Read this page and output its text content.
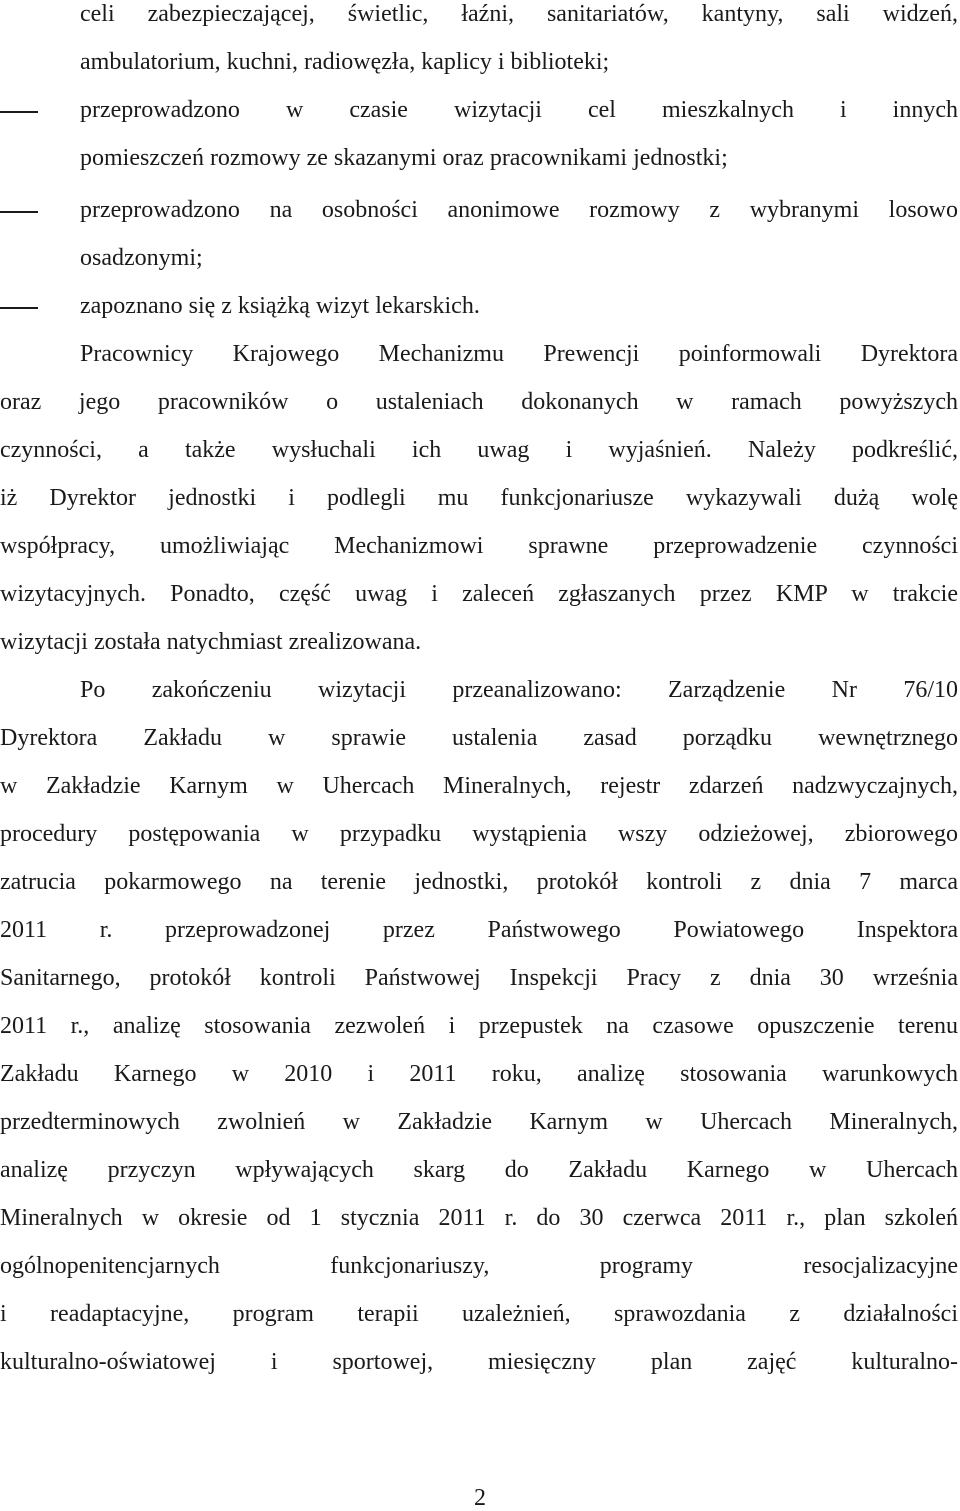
celi zabezpieczającej, świetlic, łaźni, sanitariatów, kantyny, sali widzeń,
ambulatorium, kuchni, radiowęzła, kaplicy i biblioteki;
przeprowadzono w czasie wizytacji cel mieszkalnych i innych
pomieszczeń rozmowy ze skazanymi oraz pracownikami jednostki;
przeprowadzono na osobności anonimowe rozmowy z wybranymi losowo
osadzonymi;
zapoznano się z książką wizyt lekarskich.
Pracownicy Krajowego Mechanizmu Prewencji poinformowali Dyrektora
oraz jego pracowników o ustaleniach dokonanych w ramach powyższych
czynności, a także wysłuchali ich uwag i wyjaśnień. Należy podkreślić,
iż Dyrektor jednostki i podlegli mu funkcjonariusze wykazywali dużą wolę
współpracy, umożliwiając Mechanizmowi sprawne przeprowadzenie czynności
wizytacyjnych. Ponadto, część uwag i zaleceń zgłaszanych przez KMP w trakcie
wizytacji została natychmiast zrealizowana.
Po zakończeniu wizytacji przeanalizowano: Zarządzenie Nr 76/10
Dyrektora Zakładu w sprawie ustalenia zasad porządku wewnętrznego
w Zakładzie Karnym w Uhercach Mineralnych, rejestr zdarzeń nadzwyczajnych,
procedury postępowania w przypadku wystąpienia wszy odzieżowej, zbiorowego
zatrucia pokarmowego na terenie jednostki, protokół kontroli z dnia 7 marca
2011 r. przeprowadzonej przez Państwowego Powiatowego Inspektora
Sanitarnego, protokół kontroli Państwowej Inspekcji Pracy z dnia 30 września
2011 r., analizę stosowania zezwoleń i przepustek na czasowe opuszczenie terenu
Zakładu Karnego w 2010 i 2011 roku, analizę stosowania warunkowych
przedterminowych zwolnień w Zakładzie Karnym w Uhercach Mineralnych,
analizę przyczyn wpływających skarg do Zakładu Karnego w Uhercach
Mineralnych w okresie od 1 stycznia 2011 r. do 30 czerwca 2011 r., plan szkoleń
ogólnopenitencjarnych funkcjonariuszy, programy resocjalizacyjne
i readaptacyjne, program terapii uzależnień, sprawozdania z działalności
kulturalno-oświatowej i sportowej, miesięczny plan zajęć kulturalno-
2
